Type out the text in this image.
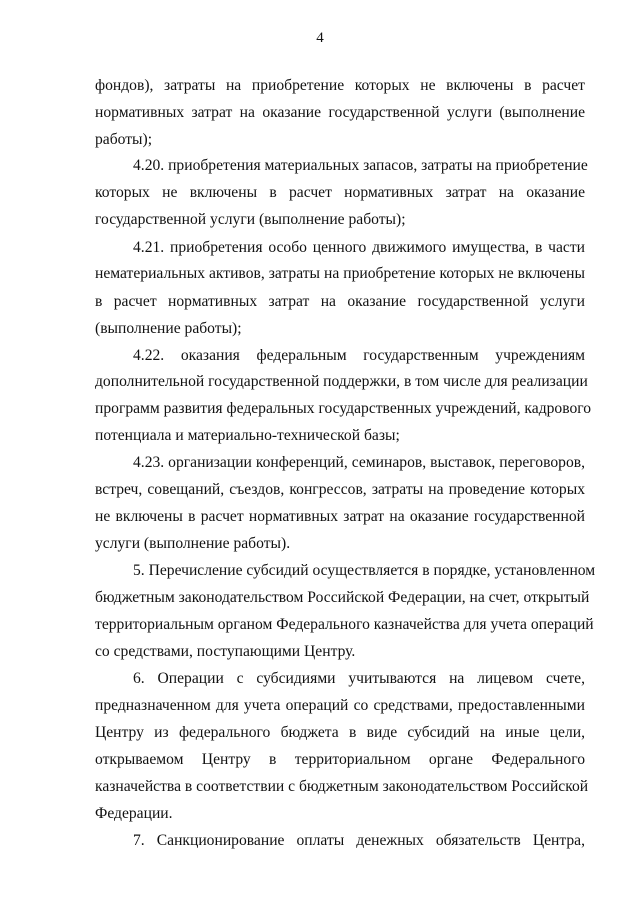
4
фондов), затраты на приобретение которых не включены в расчет
нормативных затрат на оказание государственной услуги (выполнение
работы);
4.20. приобретения материальных запасов, затраты на приобретение
которых не включены в расчет нормативных затрат на оказание
государственной услуги (выполнение работы);
4.21. приобретения особо ценного движимого имущества, в части
нематериальных активов, затраты на приобретение которых не включены
в расчет нормативных затрат на оказание государственной услуги
(выполнение работы);
4.22. оказания федеральным государственным учреждениям
дополнительной государственной поддержки, в том числе для реализации
программ развития федеральных государственных учреждений, кадрового
потенциала и материально-технической базы;
4.23. организации конференций, семинаров, выставок, переговоров,
встреч, совещаний, съездов, конгрессов, затраты на проведение которых
не включены в расчет нормативных затрат на оказание государственной
услуги (выполнение работы).
5. Перечисление субсидий осуществляется в порядке, установленном
бюджетным законодательством Российской Федерации, на счет, открытый
территориальным органом Федерального казначейства для учета операций
со средствами, поступающими Центру.
6. Операции с субсидиями учитываются на лицевом счете,
предназначенном для учета операций со средствами, предоставленными
Центру из федерального бюджета в виде субсидий на иные цели,
открываемом Центру в территориальном органе Федерального
казначейства в соответствии с бюджетным законодательством Российской
Федерации.
7. Санкционирование оплаты денежных обязательств Центра,
